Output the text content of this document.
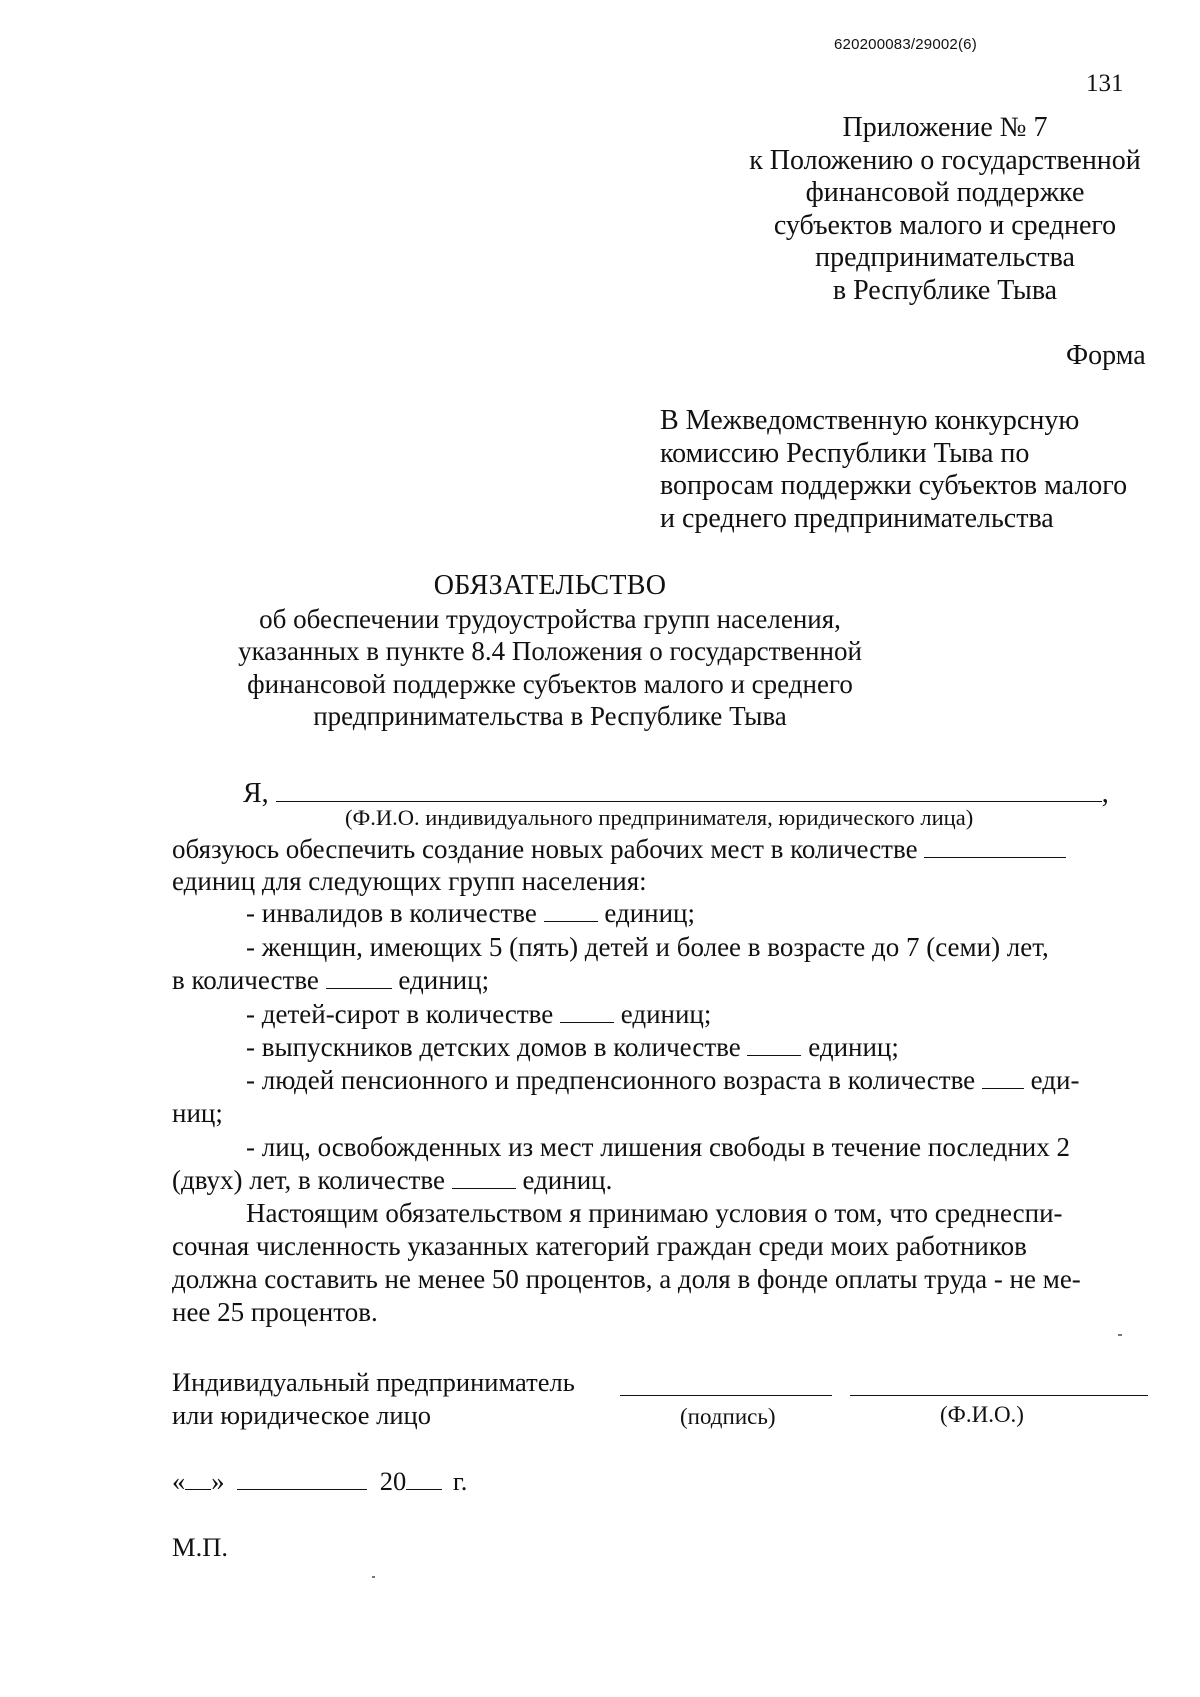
620200083/29002(6)
131
Приложение № 7
к Положению о государственной
финансовой поддержке
субъектов малого и среднего
предпринимательства
в Республике Тыва
Форма
В Межведомственную конкурсную
комиссию Республики Тыва по
вопросам поддержки субъектов малого
и среднего предпринимательства
ОБЯЗАТЕЛЬСТВО
об обеспечении трудоустройства групп населения,
указанных в пункте 8.4 Положения о государственной
финансовой поддержке субъектов малого и среднего
предпринимательства в Республике Тыва
Я,	,
(Ф.И.О. индивидуального предпринимателя, юридического лица)
обязуюсь обеспечить создание новых рабочих мест в количестве
единиц для следующих групп населения:
- инвалидов в количестве	единиц;
- женщин, имеющих 5 (пять) детей и более в возрасте до 7 (семи) лет,
в количестве	единиц;
- детей-сирот в количестве	единиц;
- выпускников детских домов в количестве	единиц;
- людей пенсионного и предпенсионного возраста в количестве еди-
ниц;
- лиц, освобожденных из мест лишения свободы в течение последних 2
(двух) лет, в количестве	единиц.
Настоящим обязательством я принимаю условия о том, что среднеспи-
сочная численность указанных категорий граждан среди моих работников
должна составить не менее 50 процентов, а доля в фонде оплаты труда - не ме-
нее 25 процентов.
Индивидуальный предприниматель
или юридическое лицо	(подпись)	(Ф.И.О.)
« »	20 г.
М.П.
